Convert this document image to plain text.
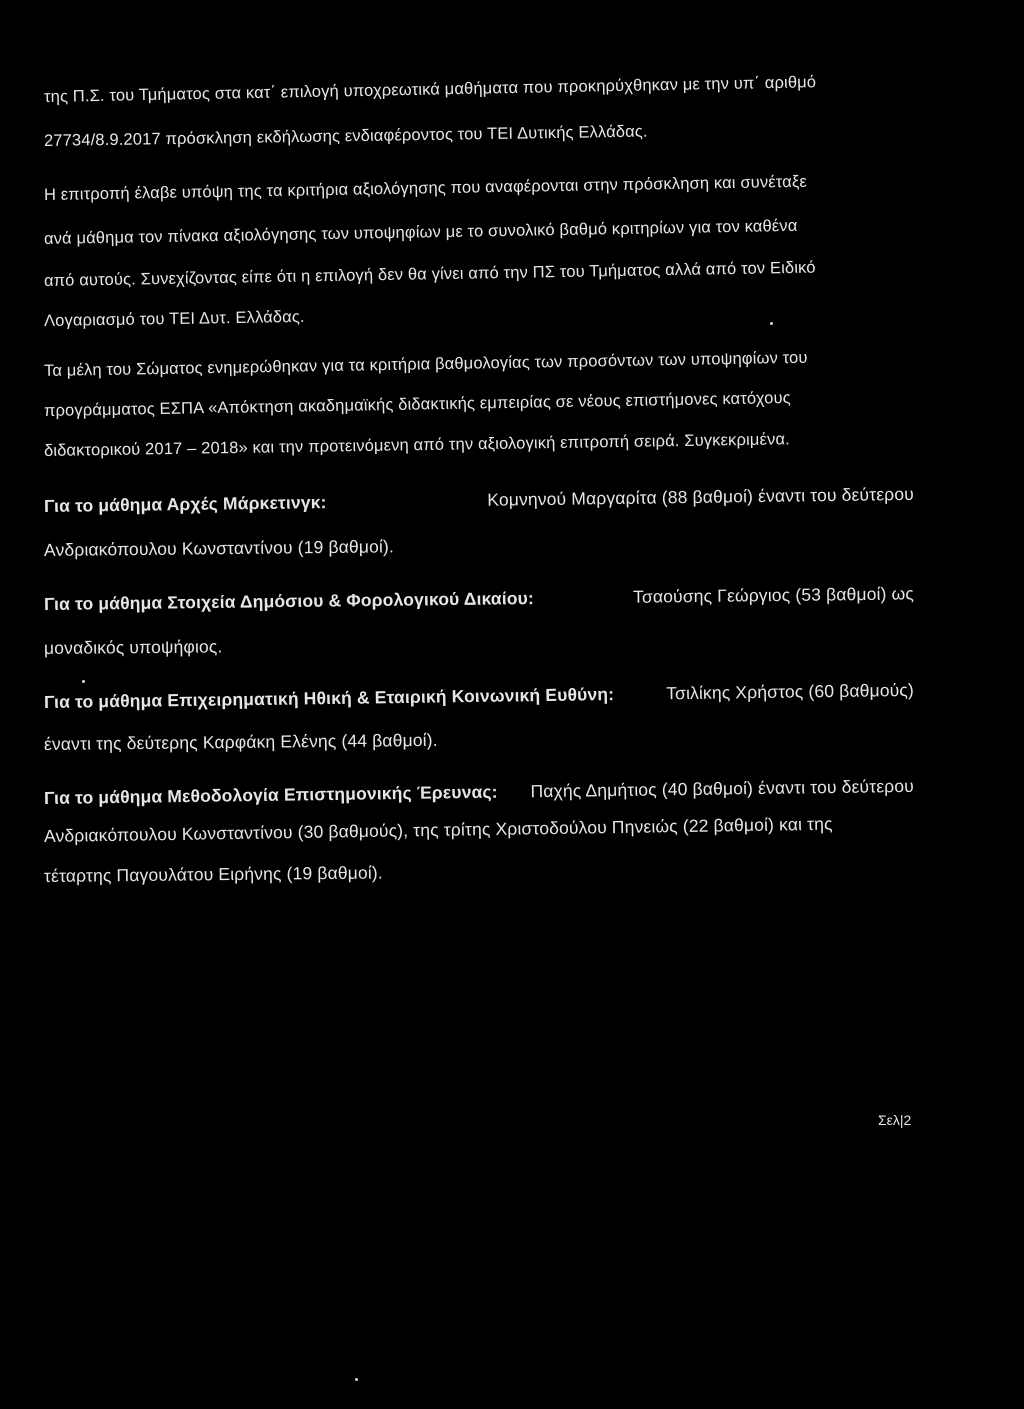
της Π.Σ. του Τμήματος στα κατ΄ επιλογή υποχρεωτικά μαθήματα που προκηρύχθηκαν με την υπ΄ αριθμό
27734/8.9.2017 πρόσκληση εκδήλωσης ενδιαφέροντος του ΤΕΙ Δυτικής Ελλάδας.
Η επιτροπή έλαβε υπόψη της τα κριτήρια αξιολόγησης που αναφέρονται στην πρόσκληση και συνέταξε
ανά μάθημα τον πίνακα αξιολόγησης των υποψηφίων με το συνολικό βαθμό κριτηρίων για τον καθένα
από αυτούς. Συνεχίζοντας είπε ότι η επιλογή δεν θα γίνει από την ΠΣ του Τμήματος αλλά από τον Ειδικό
Λογαριασμό του ΤΕΙ Δυτ. Ελλάδας.
Τα μέλη του Σώματος ενημερώθηκαν για τα κριτήρια βαθμολογίας των προσόντων των υποψηφίων του
προγράμματος ΕΣΠΑ «Απόκτηση ακαδημαϊκής διδακτικής εμπειρίας σε νέους επιστήμονες κατόχους
διδακτορικού 2017 – 2018» και την προτεινόμενη από την αξιολογική επιτροπή σειρά. Συγκεκριμένα.
Για το μάθημα Αρχές Μάρκετινγκ:	Κομνηνού Μαργαρίτα (88 βαθμοί) έναντι του δεύτερου
Ανδριακόπουλου Κωνσταντίνου (19 βαθμοί).
Για το μάθημα Στοιχεία Δημόσιου & Φορολογικού Δικαίου:	Τσαούσης Γεώργιος (53 βαθμοί) ως
μοναδικός υποψήφιος.
Για το μάθημα Επιχειρηματική Ηθική & Εταιρική Κοινωνική Ευθύνη:	Τσιλίκης Χρήστος (60 βαθμούς)
έναντι της δεύτερης Καρφάκη Ελένης (44 βαθμοί).
Για το μάθημα Μεθοδολογία Επιστημονικής Έρευνας: Παχής Δημήτιος (40 βαθμοί) έναντι του δεύτερου
Ανδριακόπουλου Κωνσταντίνου (30 βαθμούς), της τρίτης Χριστοδούλου Πηνειώς (22 βαθμοί) και της
τέταρτης Παγουλάτου Ειρήνης (19 βαθμοί).
Σελ|2
